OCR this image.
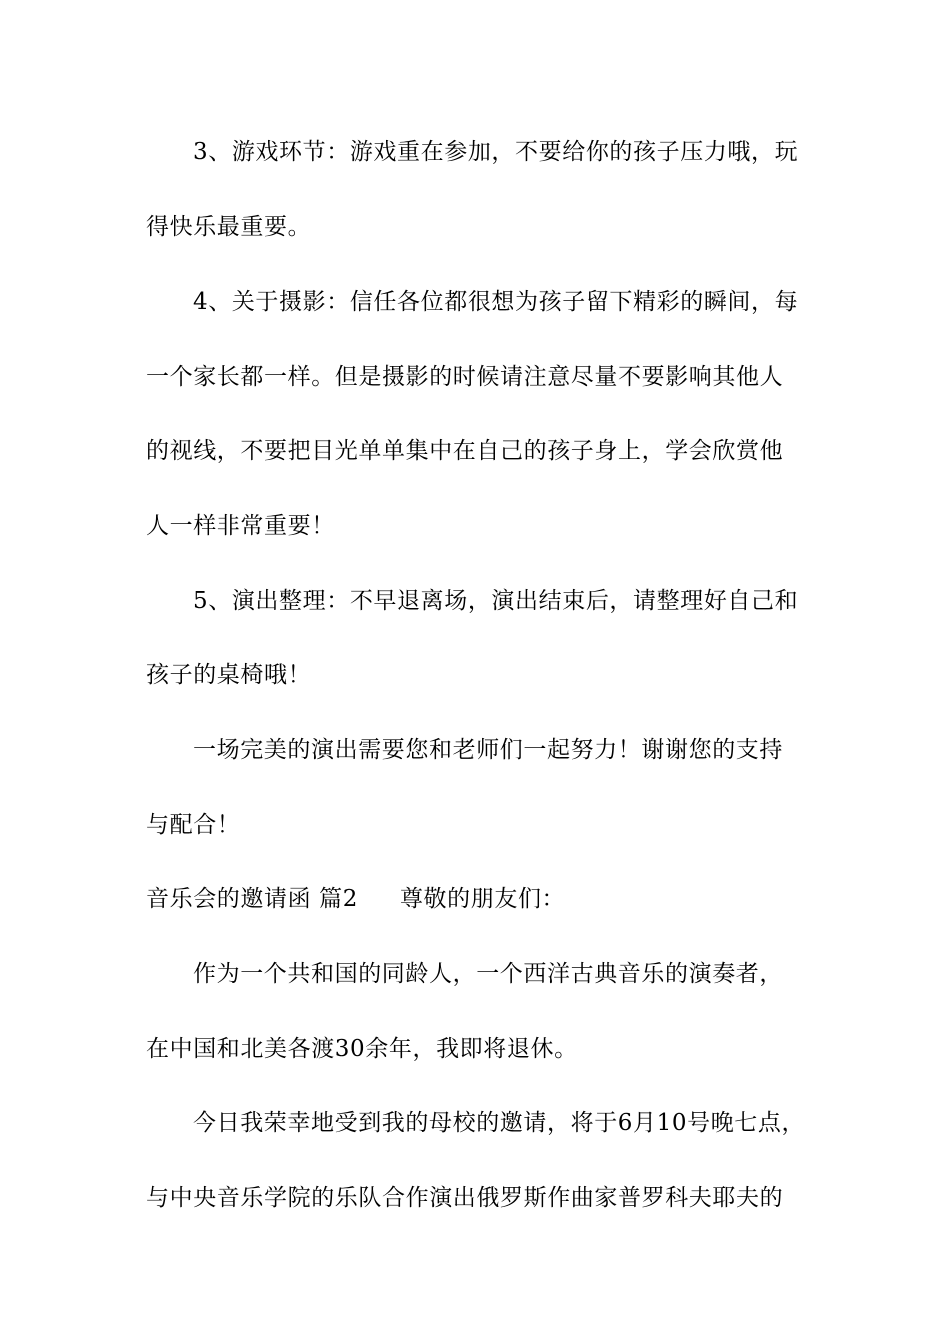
3、游戏环节：游戏重在参加，不要给你的孩子压力哦，玩
得快乐最重要。
4、关于摄影：信任各位都很想为孩子留下精彩的瞬间，每
一个家长都一样。但是摄影的时候请注意尽量不要影响其他人
的视线，不要把目光单单集中在自己的孩子身上，学会欣赏他
人一样非常重要！
5、演出整理：不早退离场，演出结束后，请整理好自己和
孩子的桌椅哦！
一场完美的演出需要您和老师们一起努力！谢谢您的支持
与配合！
音乐会的邀请函 篇2 尊敬的朋友们：
作为一个共和国的同龄人，一个西洋古典音乐的演奏者，
在中国和北美各渡30余年，我即将退休。
今日我荣幸地受到我的母校的邀请，将于6月10号晚七点，
与中央音乐学院的乐队合作演出俄罗斯作曲家普罗科夫耶夫的
